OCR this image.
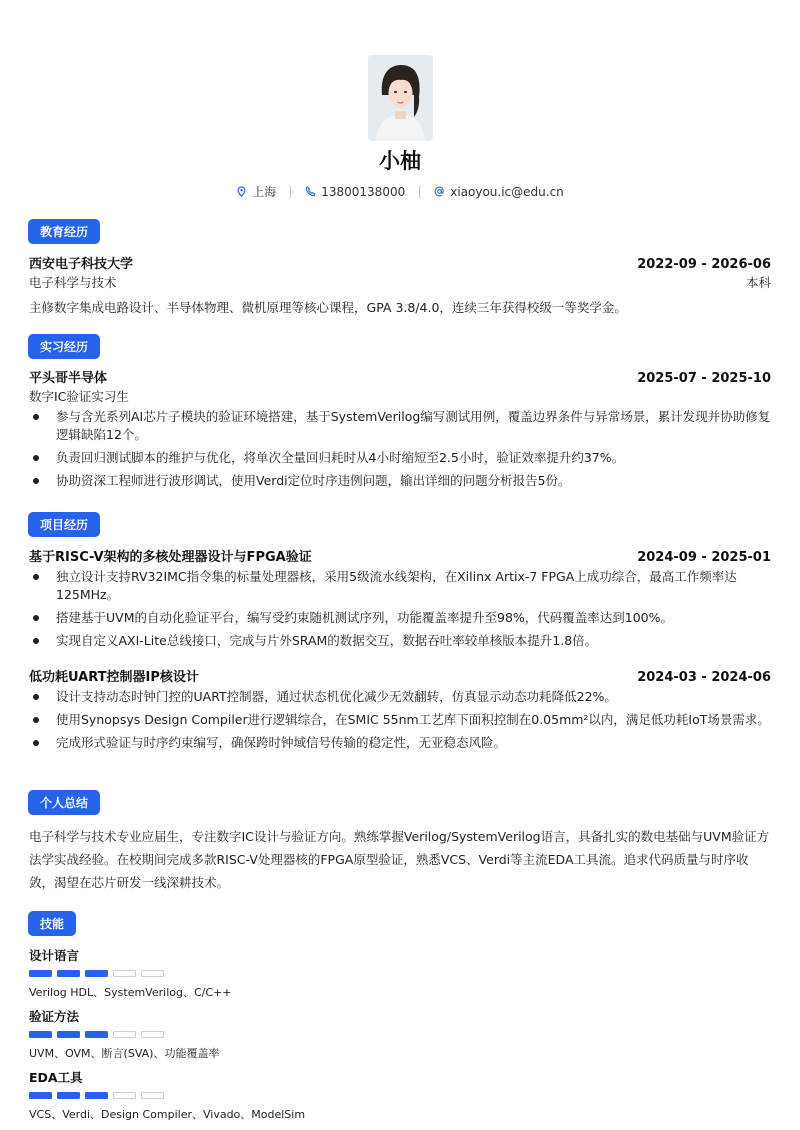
小柚
上海	13800138000	xiaoyou.ic@edu.cn
教育经历
西安电子科技大学	2022-09 - 2026-06
电子科学与技术	本科
主修数字集成电路设计、半导体物理、微机原理等核心课程，GPA 3.8/4.0，连续三年获得校级一等奖学金。
实习经历
平头哥半导体	2025-07 - 2025-10
数字IC验证实习生
参与含光系列AI芯片子模块的验证环境搭建，基于SystemVerilog编写测试用例，覆盖边界条件与异常场景，累计发现并协助修复逻辑缺陷12个。
负责回归测试脚本的维护与优化，将单次全量回归耗时从4小时缩短至2.5小时，验证效率提升约37%。
协助资深工程师进行波形调试，使用Verdi定位时序违例问题，输出详细的问题分析报告5份。
项目经历
基于RISC-V架构的多核处理器设计与FPGA验证	2024-09 - 2025-01
独立设计支持RV32IMC指令集的标量处理器核，采用5级流水线架构，在Xilinx Artix-7 FPGA上成功综合，最高工作频率达125MHz。
搭建基于UVM的自动化验证平台，编写受约束随机测试序列，功能覆盖率提升至98%，代码覆盖率达到100%。
实现自定义AXI-Lite总线接口，完成与片外SRAM的数据交互，数据吞吐率较单核版本提升1.8倍。
低功耗UART控制器IP核设计	2024-03 - 2024-06
设计支持动态时钟门控的UART控制器，通过状态机优化减少无效翻转，仿真显示动态功耗降低22%。
使用Synopsys Design Compiler进行逻辑综合，在SMIC 55nm工艺库下面积控制在0.05mm²以内，满足低功耗IoT场景需求。
完成形式验证与时序约束编写，确保跨时钟域信号传输的稳定性，无亚稳态风险。
个人总结
电子科学与技术专业应届生，专注数字IC设计与验证方向。熟练掌握Verilog/SystemVerilog语言，具备扎实的数电基础与UVM验证方法学实战经验。在校期间完成多款RISC-V处理器核的FPGA原型验证，熟悉VCS、Verdi等主流EDA工具流。追求代码质量与时序收敛，渴望在芯片研发一线深耕技术。
技能
设计语言
Verilog HDL、SystemVerilog、C/C++
验证方法
UVM、OVM、断言(SVA)、功能覆盖率
EDA工具
VCS、Verdi、Design Compiler、Vivado、ModelSim
